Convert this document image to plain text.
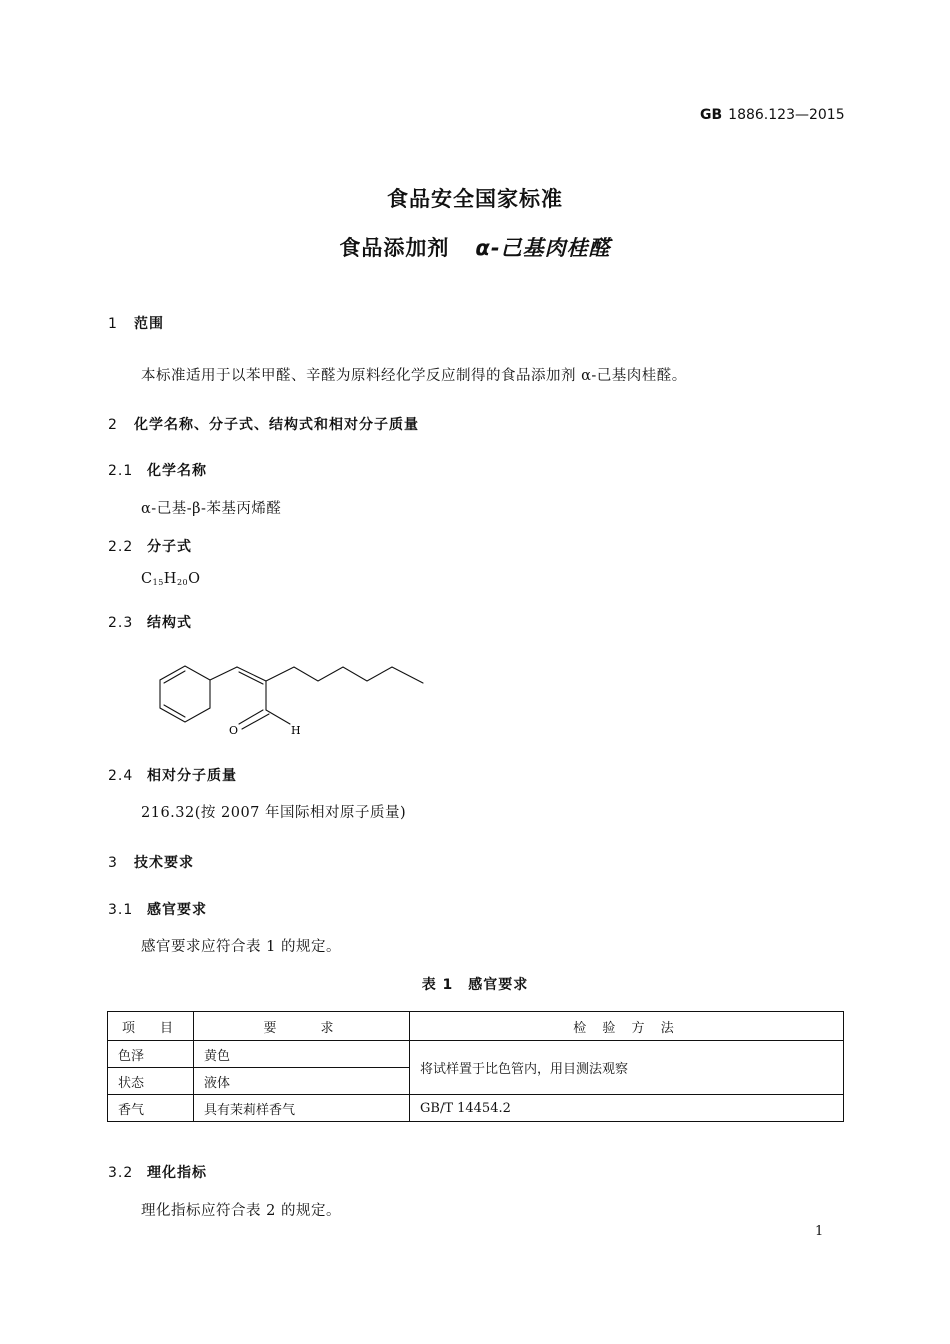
GB 1886.123—2015
食品安全国家标准
食品添加剂 α-己基肉桂醛
1 范围
本标准适用于以苯甲醛、辛醛为原料经化学反应制得的食品添加剂 α-己基肉桂醛。
2 化学名称、分子式、结构式和相对分子质量
2.1 化学名称
α-己基-β-苯基丙烯醛
2.2 分子式
$C_{15}H_{20}O$
2.3 结构式
O	H
2.4 相对分子质量
216.32(按 2007 年国际相对原子质量)
3 技术要求
3.1 感官要求
感官要求应符合表 1 的规定。
表 1　感官要求
项　目	要　　求	检 验 方 法
色泽	黄色	将试样置于比色管内，用目测法观察
状态	液体	
香气	具有茉莉样香气	GB/T 14454.2
3.2 理化指标
理化指标应符合表 2 的规定。
1
